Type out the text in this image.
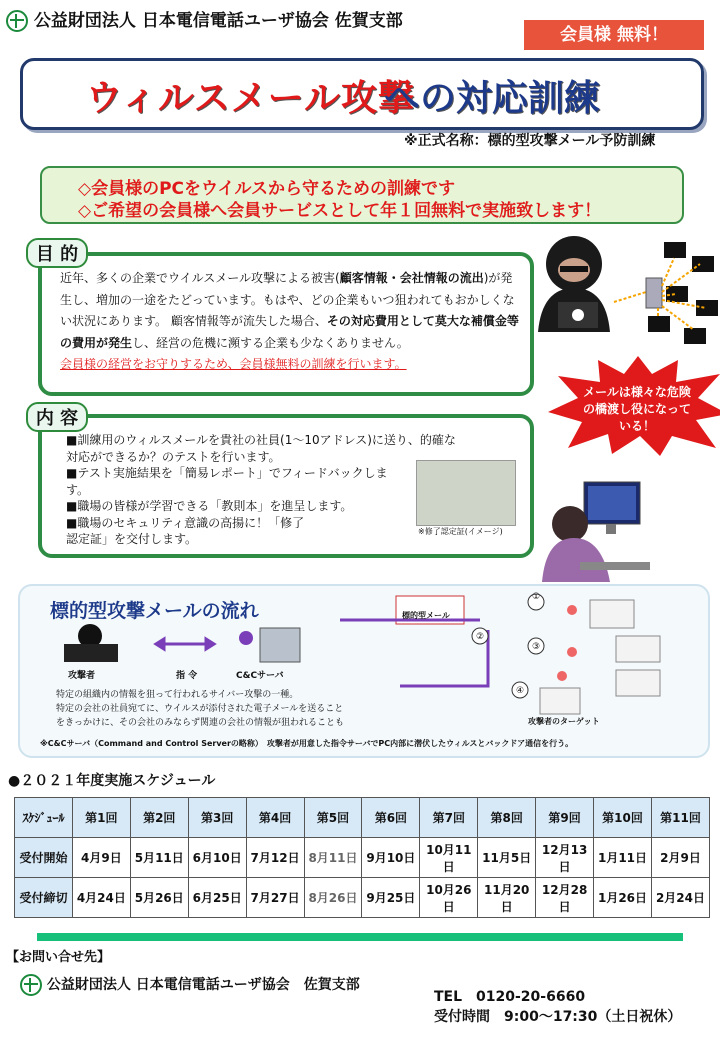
公益財団法人 日本電信電話ユーザ協会 佐賀支部
会員様 無料！
ウィルスメール攻撃
への対応訓練
※正式名称：標的型攻撃メール予防訓練
◇会員様のPCをウイルスから守るための訓練です
◇ご希望の会員様へ会員サービスとして年１回無料で実施致します！
メールは様々な危険の橋渡し役になっている！
目 的
近年、多くの企業でウイルスメール攻撃による被害(顧客情報・会社情報の流出)が発生し、増加の一途をたどっています。もはや、どの企業もいつ狙われてもおかしくない状況にあります。 顧客情報等が流失した場合、その対応費用として莫大な補償金等の費用が発生し、経営の危機に瀕する企業も少なくありません。
会員様の経営をお守りするため、会員様無料の訓練を行います。
内 容
■訓練用のウィルスメールを貴社の社員(1～10アドレス)に送り、的確な対応ができるか？のテストを行います。
■テスト実施結果を「簡易レポート」でフィードバックします。
■職場の皆様が学習できる「教則本」を進呈します。
■職場のセキュリティ意識の高揚に！「修了認定証」を交付します。
※修了認定証(イメージ)
標的型攻撃メールの流れ
攻撃者	指 令	C&Cサーバ
特定の組織内の情報を狙って行われるサイバー攻撃の一種。
特定の会社の社員宛てに、ウイルスが添付された電子メールを送ること
をきっかけに、その会社のみならず関連の会社の情報が狙われることも
標的型メール
①
②
③
④
攻撃者のターゲット
※C&Cサーバ（Command and Control Serverの略称）　攻撃者が用意した指令サーバでPC内部に潜伏したウィルスとバックドア通信を行う。
●２０２１年度実施スケジュール
ｽｹｼﾞｭｰﾙ	第1回	第2回	第3回	第4回	第5回	第6回	第7回	第8回	第9回	第10回	第11回
受付開始	4月9日	5月11日	6月10日	7月12日	8月11日	9月10日	10月11日	11月5日	12月13日	1月11日	2月9日
受付締切	4月24日	5月26日	6月25日	7月27日	8月26日	9月25日	10月26日	11月20日	12月28日	1月26日	2月24日
【お問い合せ先】
公益財団法人 日本電信電話ユーザ協会　佐賀支部
TEL　0120-20-6660
受付時間　9:00～17:30（土日祝休）
